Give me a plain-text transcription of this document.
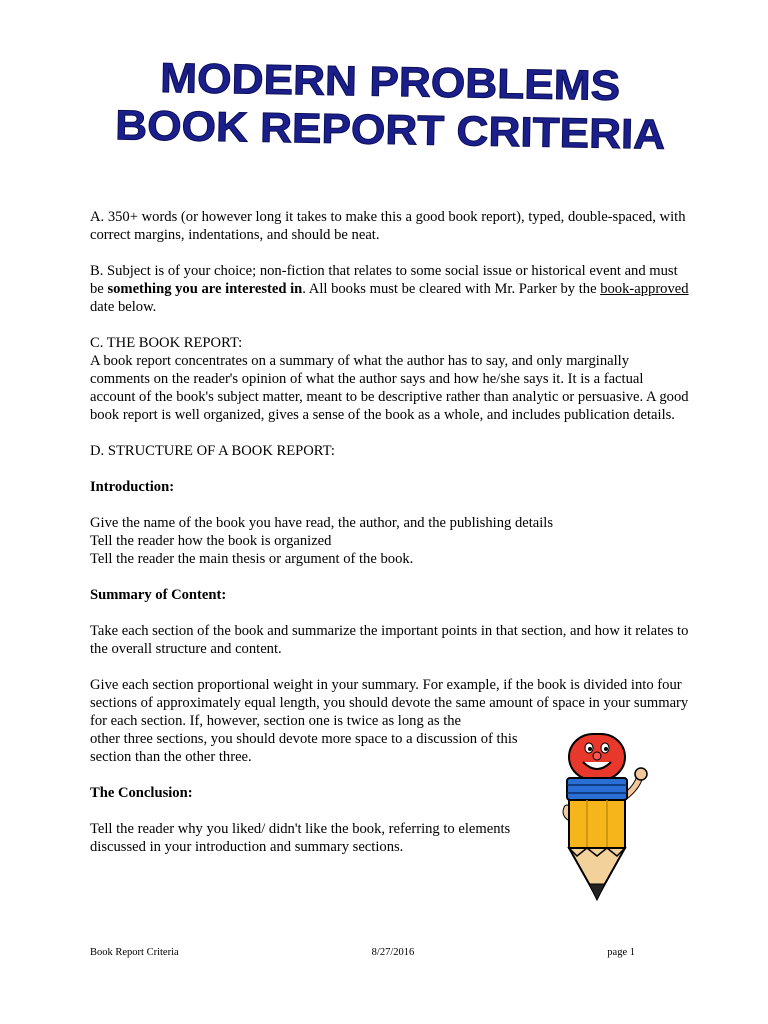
MODERN PROBLEMS
BOOK REPORT CRITERIA

A. 350+ words (or however long it takes to make this a good book report), typed, double-spaced, with correct margins, indentations, and should be neat.

B. Subject is of your choice; non-fiction that relates to some social issue or historical event and must be something you are interested in. All books must be cleared with Mr. Parker by the book-approved date below.

C. THE BOOK REPORT:
A book report concentrates on a summary of what the author has to say, and only marginally comments on the reader's opinion of what the author says and how he/she says it. It is a factual account of the book's subject matter, meant to be descriptive rather than analytic or persuasive. A good book report is well organized, gives a sense of the book as a whole, and includes publication details.

D. STRUCTURE OF A BOOK REPORT:

Introduction:

Give the name of the book you have read, the author, and the publishing details
Tell the reader how the book is organized
Tell the reader the main thesis or argument of the book.

Summary of Content:

Take each section of the book and summarize the important points in that section, and how it relates to the overall structure and content.

Give each section proportional weight in your summary. For example, if the book is divided into four sections of approximately equal length, you should devote the same amount of space in your summary for each section. If, however, section one is twice as long as the

other three sections, you should devote more space to a discussion of this section than the other three.

The Conclusion:

Tell the reader why you liked/ didn't like the book, referring to elements discussed in your introduction and summary sections.

Book Report Criteria	8/27/2016	page 1
